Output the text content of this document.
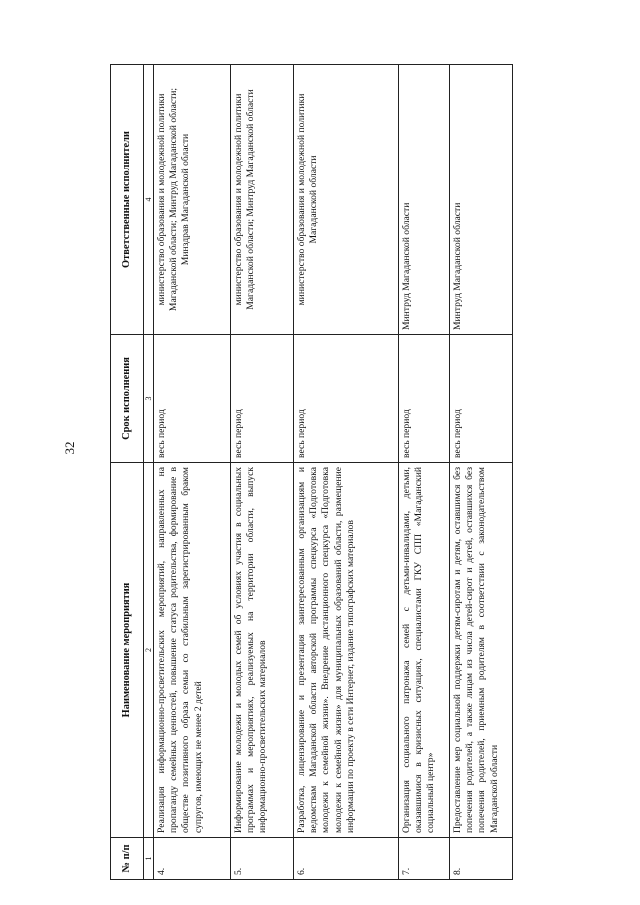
32
№ п/п	Наименование мероприятия	Срок исполнения	Ответственные исполнители
1	2	3	4
4.	Реализация информационно-просветительских мероприятий, направленных на пропаганду семейных ценностей, повышение статуса родительства, формирование в обществе позитивного образа семьи со стабильным зарегистрированным браком супругов, имеющих не менее 2 детей	весь период	министерство образования и молодежной политики Магаданской области; Минтруд Магаданской области; Минздрав Магаданской области
5.	Информирование молодежи и молодых семей об условиях участия в социальных программах и мероприятиях, реализуемых на территории области, выпуск информационно-просветительских материалов	весь период	министерство образования и молодежной политики Магаданской области; Минтруд Магаданской области
6.	Разработка, лицензирование и презентация заинтересованным организациям и ведомствам Магаданской области авторской программы спецкурса «Подготовка молодежи к семейной жизни». Внедрение дистанционного спецкурса «Подготовка молодежи к семейной жизни» для муниципальных образований области, размещение информации по проекту в сети Интернет, издание типографских материалов	весь период	министерство образования и молодежной политики Магаданской области
7.	Организация социального патронажа семей с детьми-инвалидами, детьми, оказавшимися в кризисных ситуациях, специалистами ГКУ СПП «Магаданский социальный центр»	весь период	Минтруд Магаданской области
8.	Предоставление мер социальной поддержки детям-сиротам и детям, оставшимся без попечения родителей, а также лицам из числа детей-сирот и детей, оставшихся без попечения родителей, приемным родителям в соответствии с законодательством Магаданской области	весь период	Минтруд Магаданской области
